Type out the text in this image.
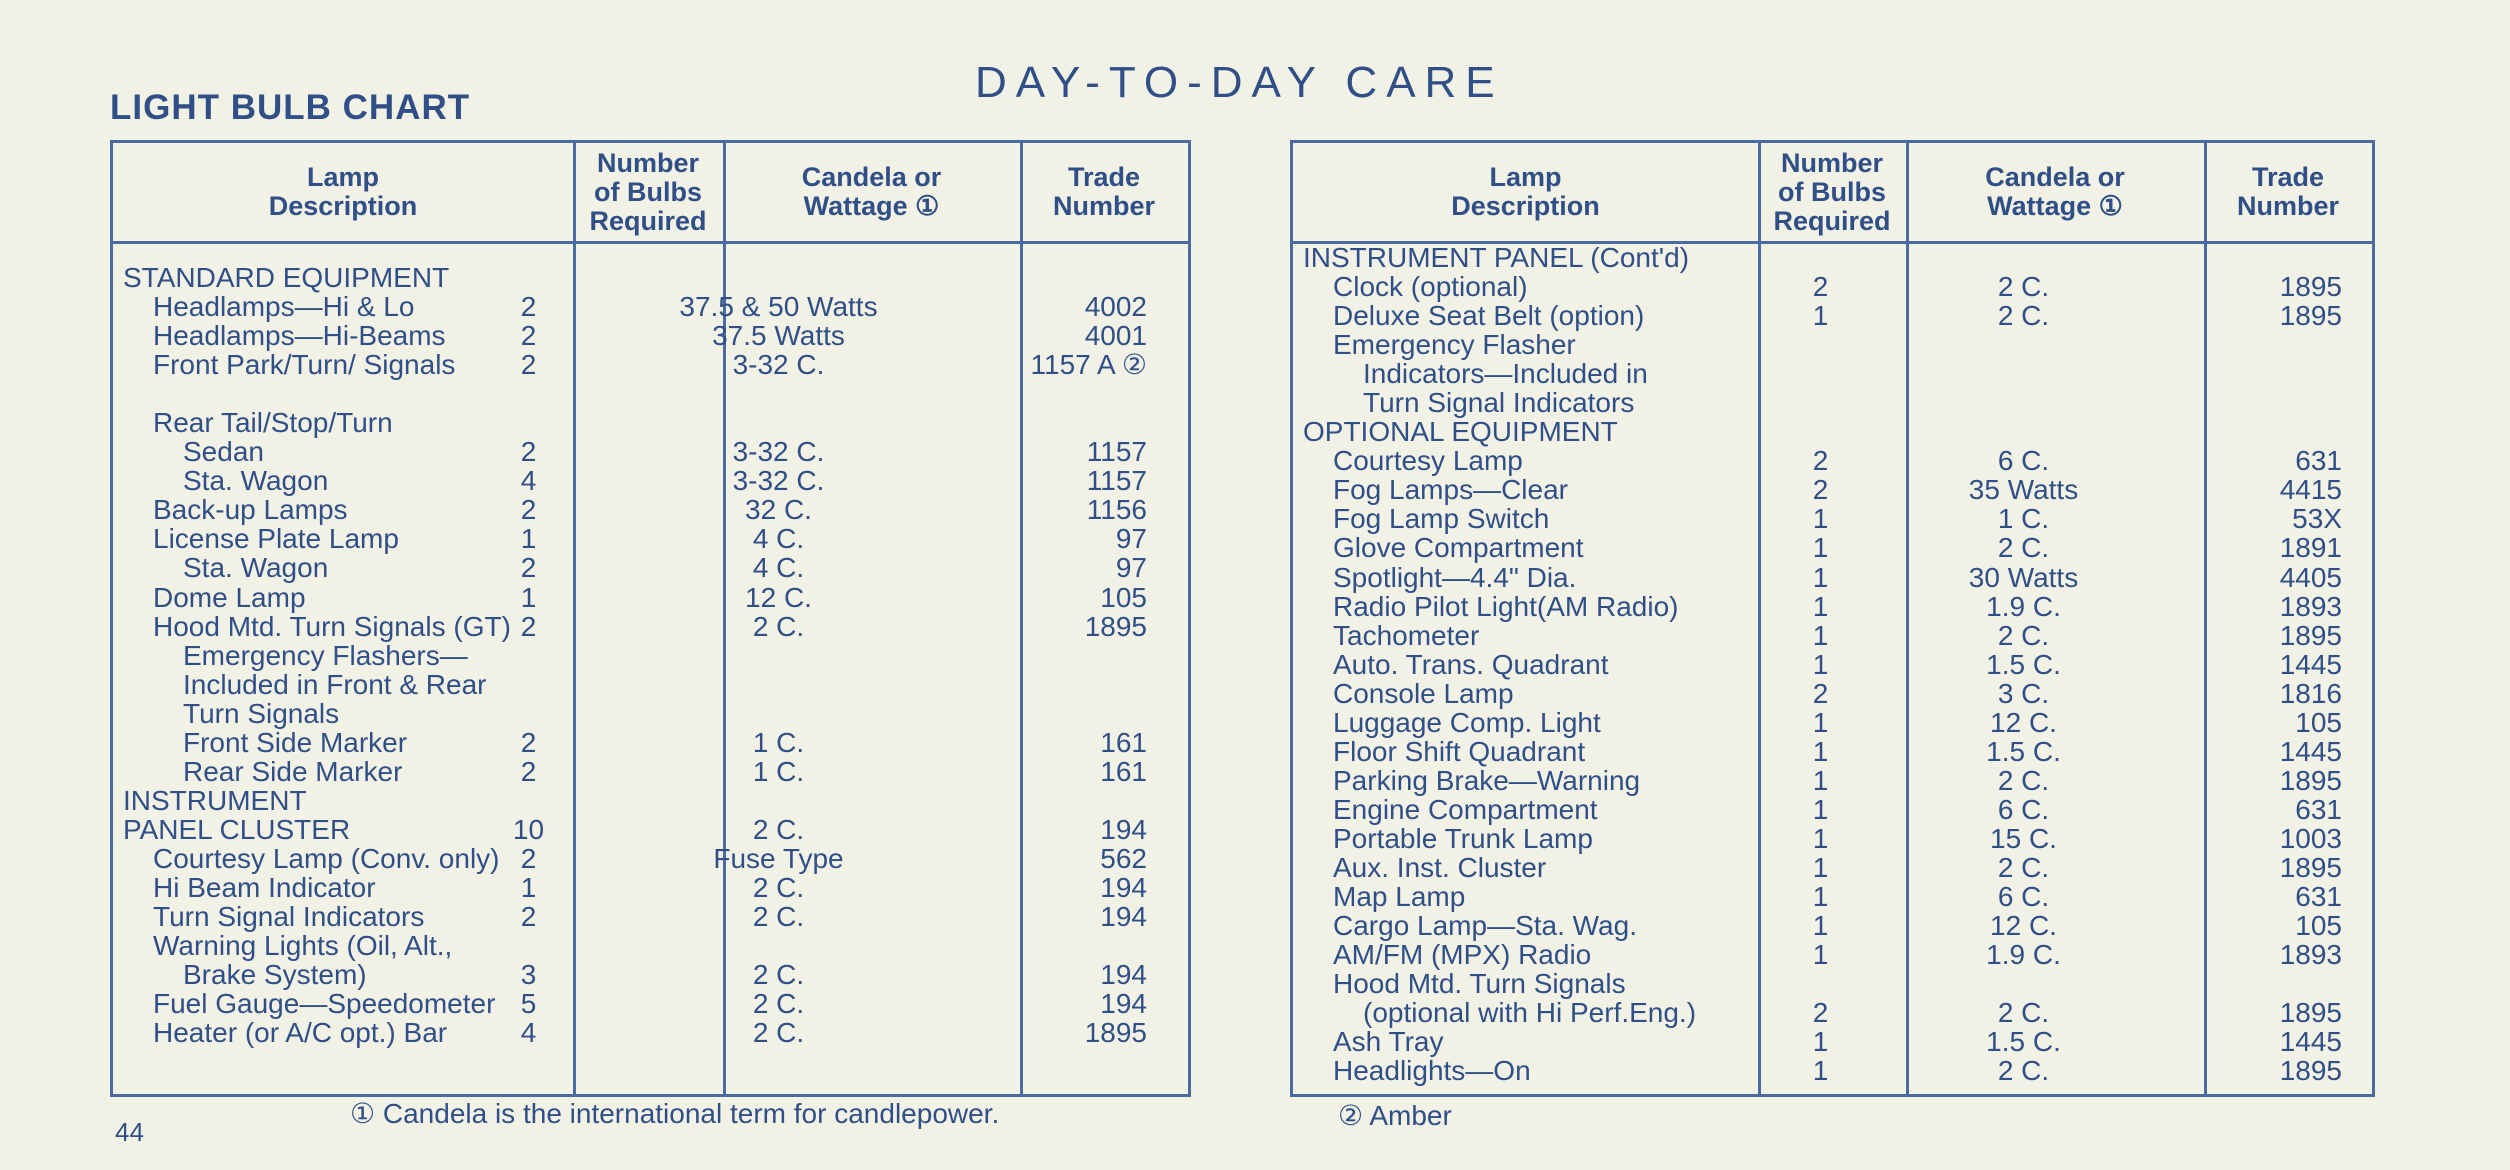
DAY-TO-DAY CARE
LIGHT BULB CHART
Lamp
Description
Number
of Bulbs
Required
Candela or
Wattage ①
Trade
Number
STANDARD EQUIPMENT
Headlamps—Hi & Lo	2	37.5 & 50 Watts	4002
Headlamps—Hi-Beams	2	37.5 Watts	4001
Front Park/Turn/ Signals	2	3-32 C.	1157 A ②
Rear Tail/Stop/Turn
Sedan	2	3-32 C.	1157
Sta. Wagon	4	3-32 C.	1157
Back-up Lamps	2	32 C.	1156
License Plate Lamp	1	4 C.	97
Sta. Wagon	2	4 C.	97
Dome Lamp	1	12 C.	105
Hood Mtd. Turn Signals (GT) 2	2 C.	1895
Emergency Flashers—
Included in Front & Rear
Turn Signals
Front Side Marker	2	1 C.	161
Rear Side Marker	2	1 C.	161
INSTRUMENT
PANEL CLUSTER	10	2 C.	194
Courtesy Lamp (Conv. only) 2	Fuse Type	562
Hi Beam Indicator	1	2 C.	194
Turn Signal Indicators	2	2 C.	194
Warning Lights (Oil, Alt.,
Brake System)	3	2 C.	194
Fuel Gauge—Speedometer 5	2 C.	194
Heater (or A/C opt.) Bar	4	2 C.	1895
Lamp
Description
Number
of Bulbs
Required
Candela or
Wattage ①
Trade
Number
INSTRUMENT PANEL (Cont'd)
Clock (optional)	2	2 C.	1895
Deluxe Seat Belt (option)	1	2 C.	1895
Emergency Flasher
Indicators—Included in
Turn Signal Indicators
OPTIONAL EQUIPMENT
Courtesy Lamp	2	6 C.	631
Fog Lamps—Clear	2	35 Watts	4415
Fog Lamp Switch	1	1 C.	53X
Glove Compartment	1	2 C.	1891
Spotlight—4.4" Dia.	1	30 Watts	4405
Radio Pilot Light(AM Radio)	1	1.9 C.	1893
Tachometer	1	2 C.	1895
Auto. Trans. Quadrant	1	1.5 C.	1445
Console Lamp	2	3 C.	1816
Luggage Comp. Light	1	12 C.	105
Floor Shift Quadrant	1	1.5 C.	1445
Parking Brake—Warning	1	2 C.	1895
Engine Compartment	1	6 C.	631
Portable Trunk Lamp	1	15 C.	1003
Aux. Inst. Cluster	1	2 C.	1895
Map Lamp	1	6 C.	631
Cargo Lamp—Sta. Wag.	1	12 C.	105
AM/FM (MPX) Radio	1	1.9 C.	1893
Hood Mtd. Turn Signals
(optional with Hi Perf.Eng.)	2	2 C.	1895
Ash Tray	1	1.5 C.	1445
Headlights—On	1	2 C.	1895
① Candela is the international term for candlepower.	② Amber
44
